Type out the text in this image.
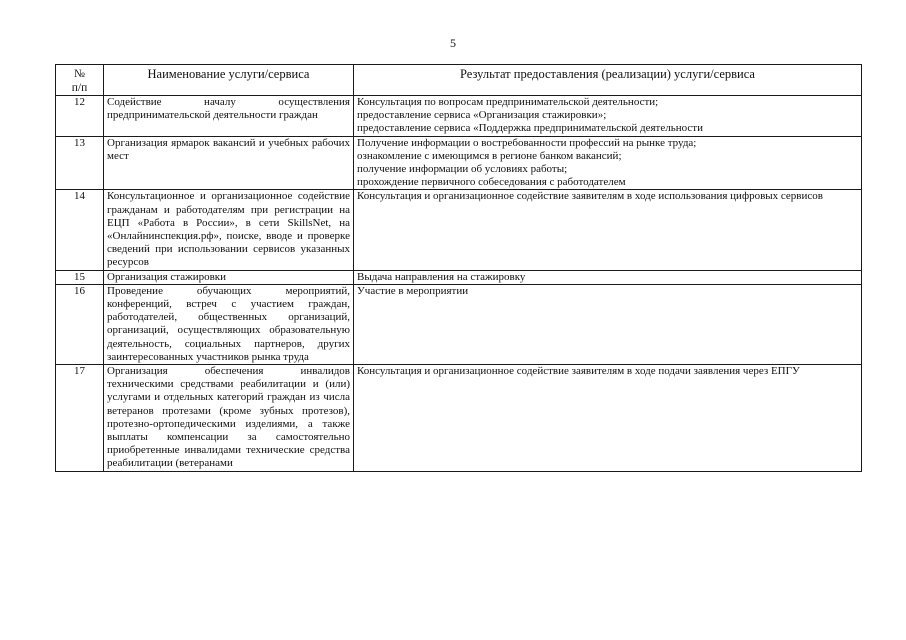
5
№
п/п	Наименование услуги/сервиса	Результат предоставления (реализации) услуги/сервиса
12	Содействие началу осуществления предпринимательской деятельности граждан	Консультация по вопросам предпринимательской деятельности;
предоставление сервиса «Организация стажировки»;
предоставление сервиса «Поддержка предпринимательской деятельности

13	Организация ярмарок вакансий и учебных рабочих мест	Получение информации о востребованности профессий на рынке труда;
ознакомление с имеющимся в регионе банком вакансий;
получение информации об условиях работы;
прохождение первичного собеседования с работодателем

14	Консультационное и организационное содействие гражданам и работодателям при регистрации на ЕЦП «Работа в России», в сети SkillsNet, на «Онлайнинспекция.рф», поиске, вводе и проверке сведений при использовании сервисов указанных ресурсов	Консультация и организационное содействие заявителям в ходе использования цифровых сервисов

15	Организация стажировки	Выдача направления на стажировку

16	Проведение обучающих мероприятий, конференций, встреч с участием граждан, работодателей, общественных организаций, организаций, осуществляющих образовательную деятельность, социальных партнеров, других заинтересованных участников рынка труда	Участие в мероприятии

17	Организация обеспечения инвалидов техническими средствами реабилитации и (или) услугами и отдельных категорий граждан из числа ветеранов протезами (кроме зубных протезов), протезно-ортопедическими изделиями, а также выплаты компенсации за самостоятельно приобретенные инвалидами технические средства реабилитации (ветеранами	Консультация и организационное содействие заявителям в ходе подачи заявления через ЕПГУ
